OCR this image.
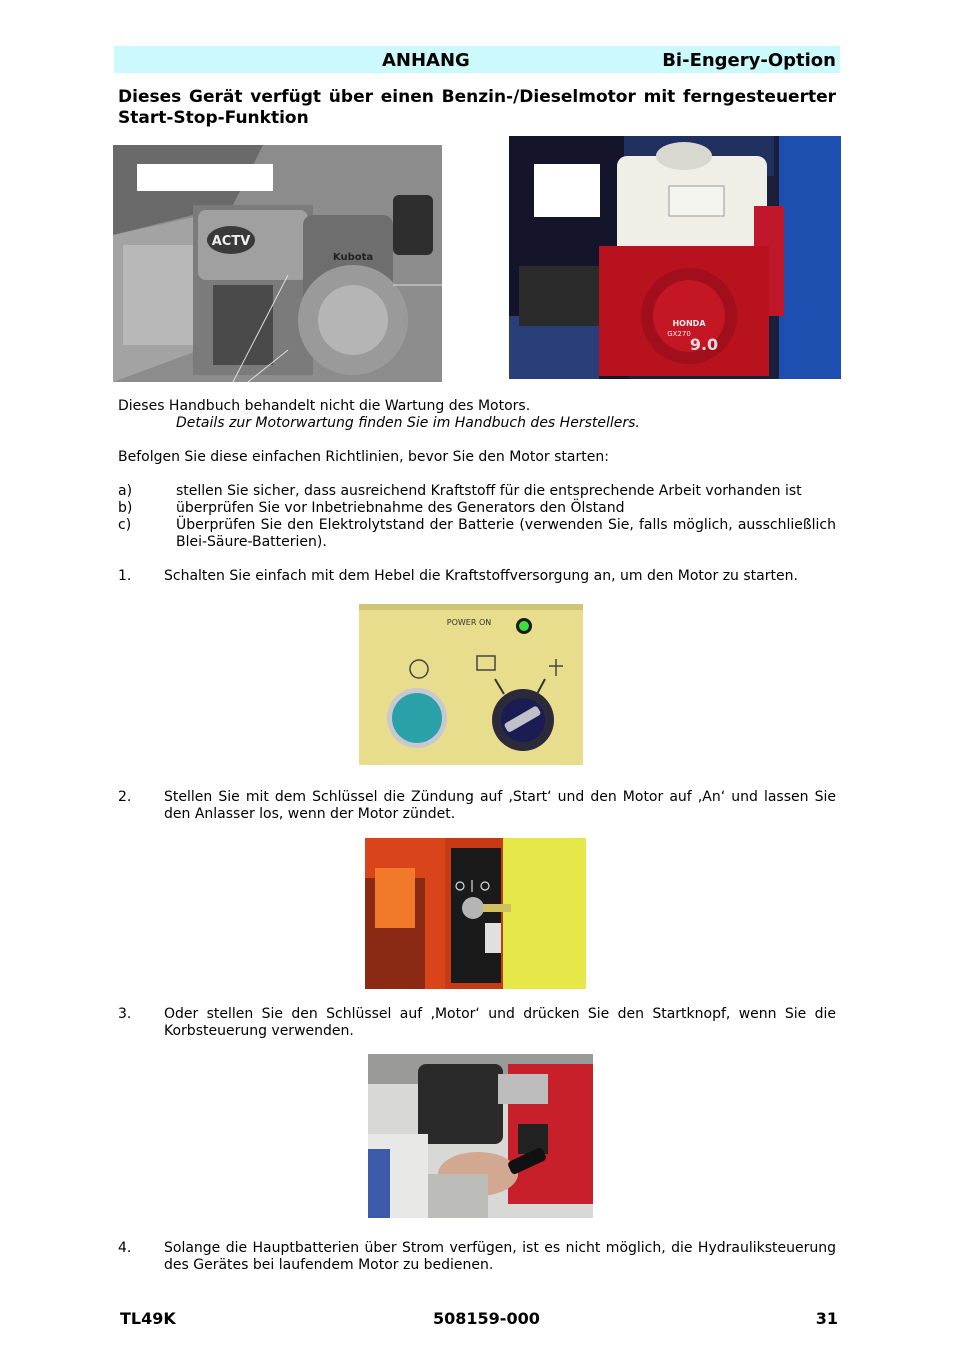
ANHANG	Bi-Engery-Option
Dieses Gerät verfügt über einen Benzin-/Dieselmotor mit ferngesteuerter Start-Stop-Funktion
ACTV
Kubota
HONDA
GX270
9.0
Dieses Handbuch behandelt nicht die Wartung des Motors.
Details zur Motorwartung finden Sie im Handbuch des Herstellers.
Befolgen Sie diese einfachen Richtlinien, bevor Sie den Motor starten:
a)	stellen Sie sicher, dass ausreichend Kraftstoff für die entsprechende Arbeit vorhanden ist
b)	überprüfen Sie vor Inbetriebnahme des Generators den Ölstand
c)	Überprüfen Sie den Elektrolytstand der Batterie (verwenden Sie, falls möglich, ausschließlich Blei-Säure-Batterien).
1. Schalten Sie einfach mit dem Hebel die Kraftstoffversorgung an, um den Motor zu starten.
POWER ON
2. Stellen Sie mit dem Schlüssel die Zündung auf ‚Start‘ und den Motor auf ‚An‘ und lassen Sie den Anlasser los, wenn der Motor zündet.
3. Oder stellen Sie den Schlüssel auf ‚Motor‘ und drücken Sie den Startknopf, wenn Sie die Korbsteuerung verwenden.
4. Solange die Hauptbatterien über Strom verfügen, ist es nicht möglich, die Hydrauliksteuerung des Gerätes bei laufendem Motor zu bedienen.
TL49K	508159-000	31
